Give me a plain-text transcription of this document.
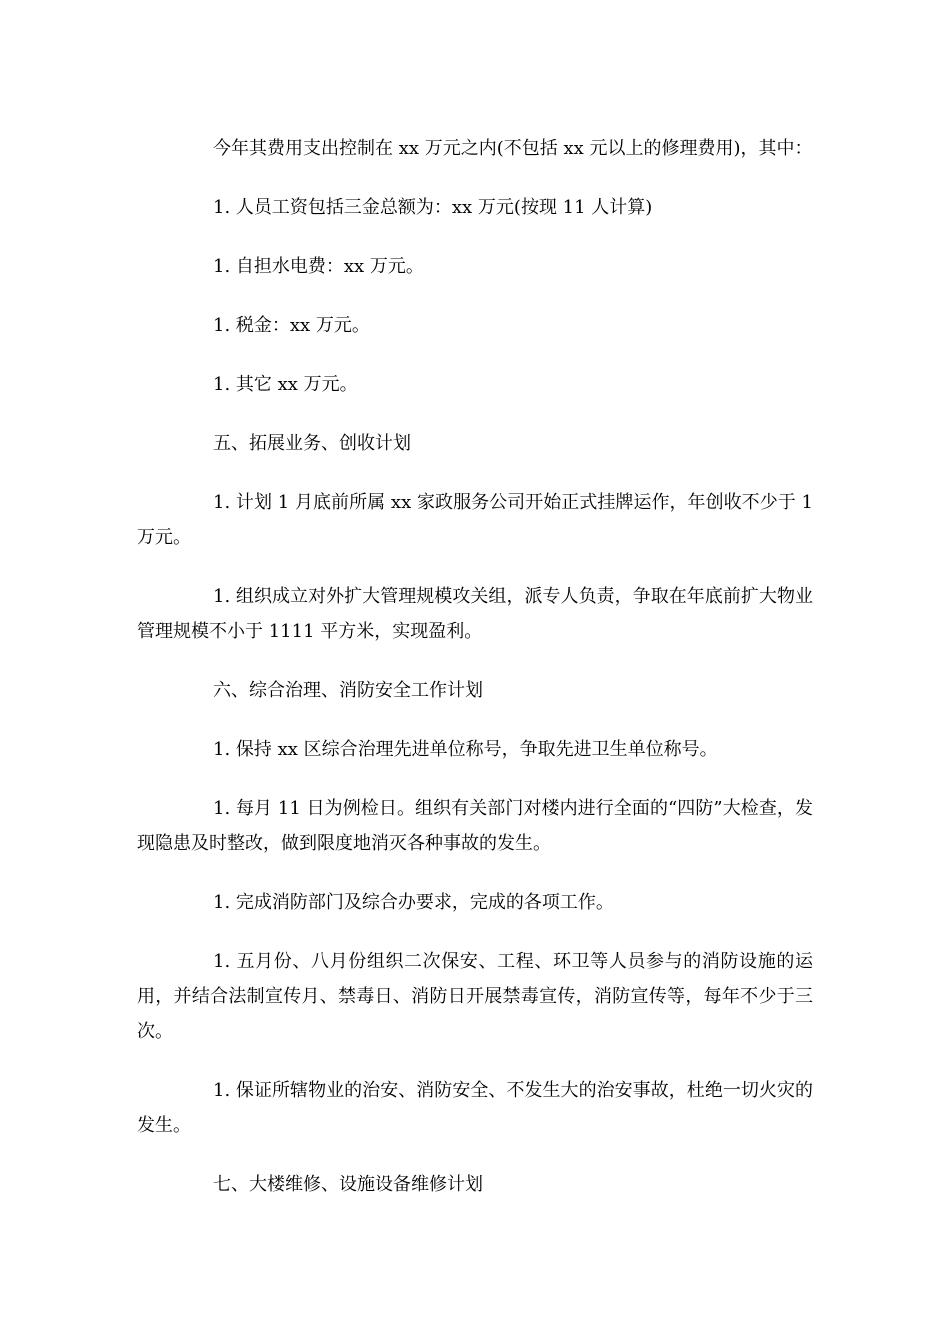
今年其费用支出控制在 xx 万元之内(不包括 xx 元以上的修理费用)，其中：

1. 人员工资包括三金总额为：xx 万元(按现 11 人计算)

1. 自担水电费：xx 万元。

1. 税金：xx 万元。

1. 其它 xx 万元。

五、拓展业务、创收计划

1. 计划 1 月底前所属 xx 家政服务公司开始正式挂牌运作，年创收不少于 1 万元。

1. 组织成立对外扩大管理规模攻关组，派专人负责，争取在年底前扩大物业管理规模不小于 1111 平方米，实现盈利。

六、综合治理、消防安全工作计划

1. 保持 xx 区综合治理先进单位称号，争取先进卫生单位称号。

1. 每月 11 日为例检日。组织有关部门对楼内进行全面的“四防”大检查，发现隐患及时整改，做到限度地消灭各种事故的发生。

1. 完成消防部门及综合办要求，完成的各项工作。

1. 五月份、八月份组织二次保安、工程、环卫等人员参与的消防设施的运用，并结合法制宣传月、禁毒日、消防日开展禁毒宣传，消防宣传等，每年不少于三次。

1. 保证所辖物业的治安、消防安全、不发生大的治安事故，杜绝一切火灾的发生。

七、大楼维修、设施设备维修计划
